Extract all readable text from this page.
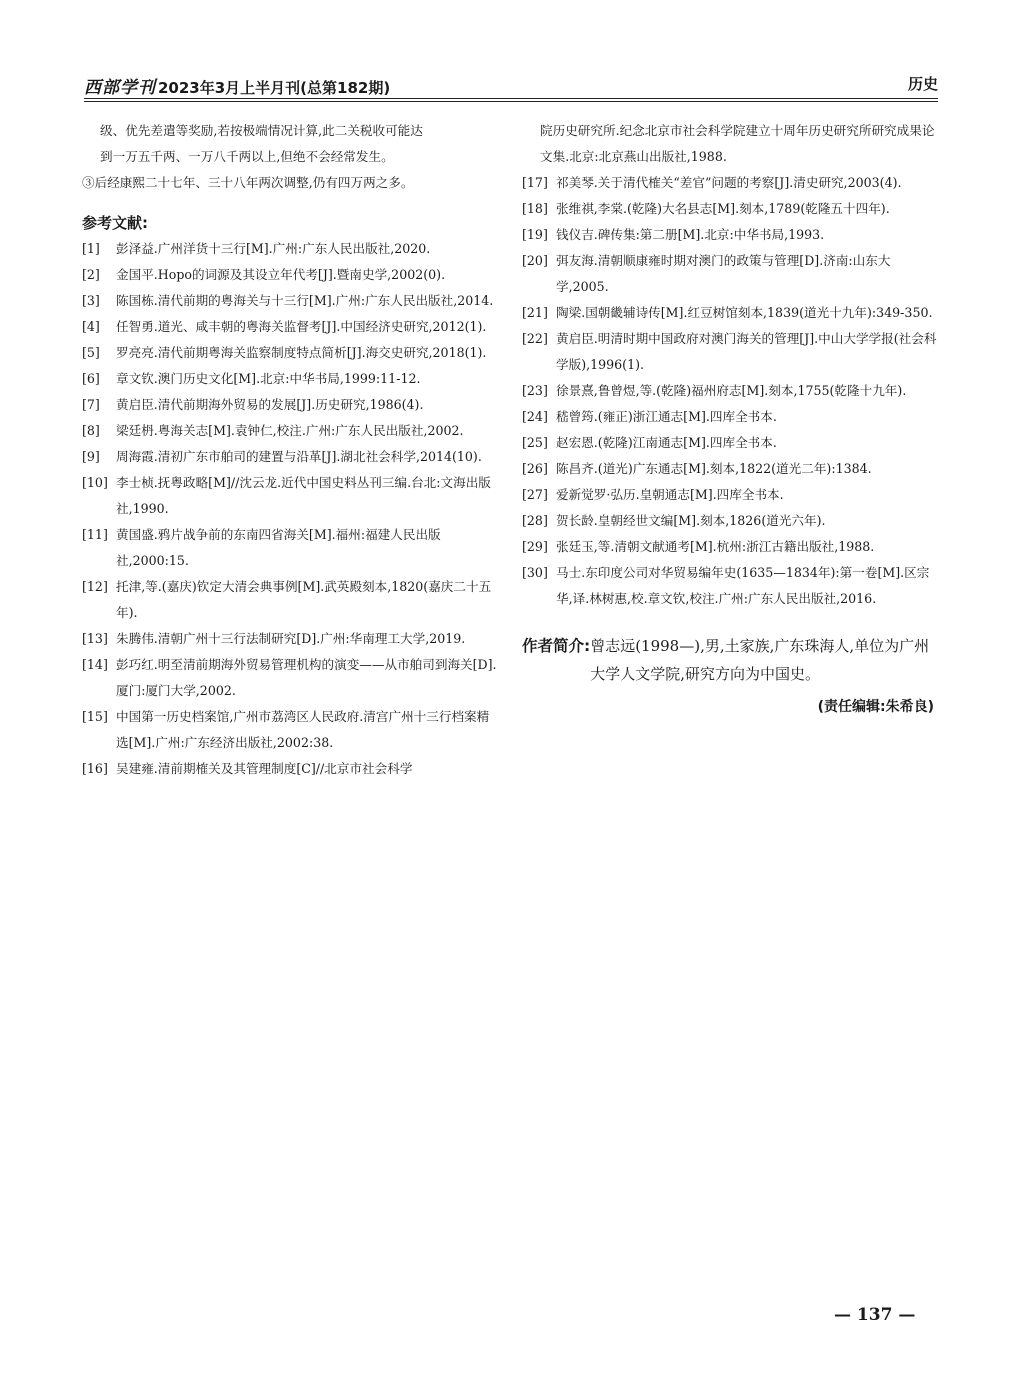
西部学刊 2023年3月上半月刊(总第182期)	历史
级、优先差遣等奖励,若按极端情况计算,此二关税收可能达
到一万五千两、一万八千两以上,但绝不会经常发生。
③后经康熙二十七年、三十八年两次调整,仍有四万两之多。
参考文献:
[1]	彭泽益.广州洋货十三行[M].广州:广东人民出版社,2020.
[2]	金国平.Hopo的词源及其设立年代考[J].暨南史学,2002(0).
[3]	陈国栋.清代前期的粤海关与十三行[M].广州:广东人民出版社,2014.
[4]	任智勇.道光、咸丰朝的粤海关监督考[J].中国经济史研究,2012(1).
[5]	罗亮亮.清代前期粤海关监察制度特点简析[J].海交史研究,2018(1).
[6]	章文钦.澳门历史文化[M].北京:中华书局,1999:11-12.
[7]	黄启臣.清代前期海外贸易的发展[J].历史研究,1986(4).
[8]	梁廷枬.粤海关志[M].袁钟仁,校注.广州:广东人民出版社,2002.
[9]	周海霞.清初广东市舶司的建置与沿革[J].湖北社会科学,2014(10).
[10] 李士桢.抚粤政略[M]//沈云龙.近代中国史料丛刊三编.台北:文海出版社,1990.
[11] 黄国盛.鸦片战争前的东南四省海关[M].福州:福建人民出版社,2000:15.
[12] 托津,等.(嘉庆)钦定大清会典事例[M].武英殿刻本,1820(嘉庆二十五年).
[13] 朱腾伟.清朝广州十三行法制研究[D].广州:华南理工大学,2019.
[14] 彭巧红.明至清前期海外贸易管理机构的演变——从市舶司到海关[D].厦门:厦门大学,2002.
[15] 中国第一历史档案馆,广州市荔湾区人民政府.清宫广州十三行档案精选[M].广州:广东经济出版社,2002:38.
[16] 吴建雍.清前期榷关及其管理制度[C]//北京市社会科学
院历史研究所.纪念北京市社会科学院建立十周年历史研究所研究成果论文集.北京:北京燕山出版社,1988.
[17] 祁美琴.关于清代榷关“差官”问题的考察[J].清史研究,2003(4).
[18] 张维祺,李棠.(乾隆)大名县志[M].刻本,1789(乾隆五十四年).
[19] 钱仪吉.碑传集:第二册[M].北京:中华书局,1993.
[20] 弭友海.清朝顺康雍时期对澳门的政策与管理[D].济南:山东大学,2005.
[21] 陶梁.国朝畿辅诗传[M].红豆树馆刻本,1839(道光十九年):349-350.
[22] 黄启臣.明清时期中国政府对澳门海关的管理[J].中山大学学报(社会科学版),1996(1).
[23] 徐景熹,鲁曾煜,等.(乾隆)福州府志[M].刻本,1755(乾隆十九年).
[24] 嵇曾筠.(雍正)浙江通志[M].四库全书本.
[25] 赵宏恩.(乾隆)江南通志[M].四库全书本.
[26] 陈昌齐.(道光)广东通志[M].刻本,1822(道光二年):1384.
[27] 爱新觉罗·弘历.皇朝通志[M].四库全书本.
[28] 贺长龄.皇朝经世文编[M].刻本,1826(道光六年).
[29] 张廷玉,等.清朝文献通考[M].杭州:浙江古籍出版社,1988.
[30] 马士.东印度公司对华贸易编年史(1635—1834年):第一卷[M].区宗华,译.林树惠,校.章文钦,校注.广州:广东人民出版社,2016.
作者简介: 曾志远(1998—),男,土家族,广东珠海人,单位为广州大学人文学院,研究方向为中国史。
(责任编辑:朱希良)
— 137 —
